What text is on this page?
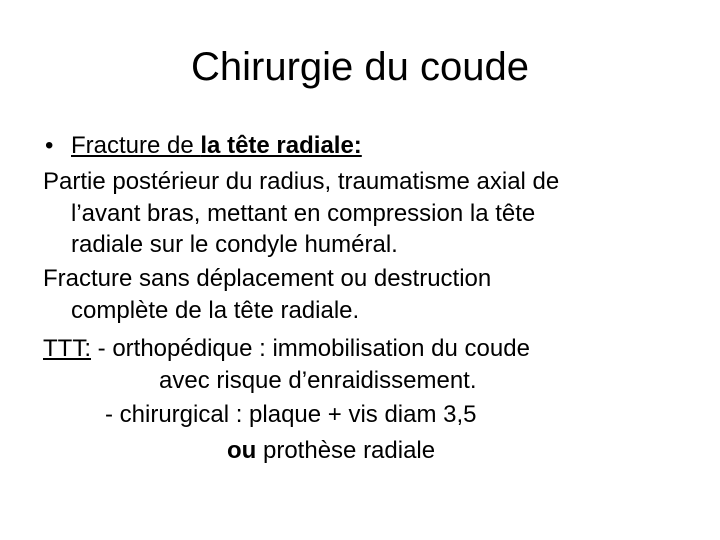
Chirurgie du coude
• Fracture de la tête radiale:
Partie postérieur du radius, traumatisme axial de
l’avant bras, mettant en compression la tête
radiale sur le condyle huméral.
Fracture sans déplacement ou destruction
complète de la tête radiale.
TTT: - orthopédique : immobilisation du coude
avec risque d’enraidissement.
- chirurgical : plaque + vis diam 3,5
ou prothèse radiale
